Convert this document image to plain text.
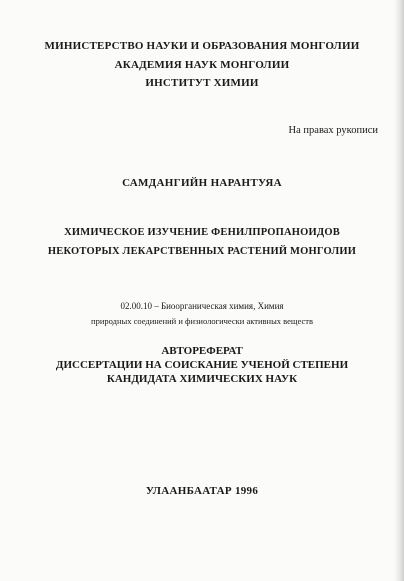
МИНИСТЕРСТВО НАУКИ И ОБРАЗОВАНИЯ МОНГОЛИИ
АКАДЕМИЯ НАУК МОНГОЛИИ
ИНСТИТУТ ХИМИИ
На правах рукописи
САМДАНГИЙН НАРАНТУЯА
ХИМИЧЕСКОЕ ИЗУЧЕНИЕ ФЕНИЛПРОПАНОИДОВ
НЕКОТОРЫХ ЛЕКАРСТВЕННЫХ РАСТЕНИЙ МОНГОЛИИ
02.00.10 – Биоорганическая химия, Химия
природных соединений и физиологически активных веществ
АВТОРЕФЕРАТ
ДИССЕРТАЦИИ НА СОИСКАНИЕ УЧЕНОЙ СТЕПЕНИ
КАНДИДАТА ХИМИЧЕСКИХ НАУК
УЛААНБААТАР 1996
